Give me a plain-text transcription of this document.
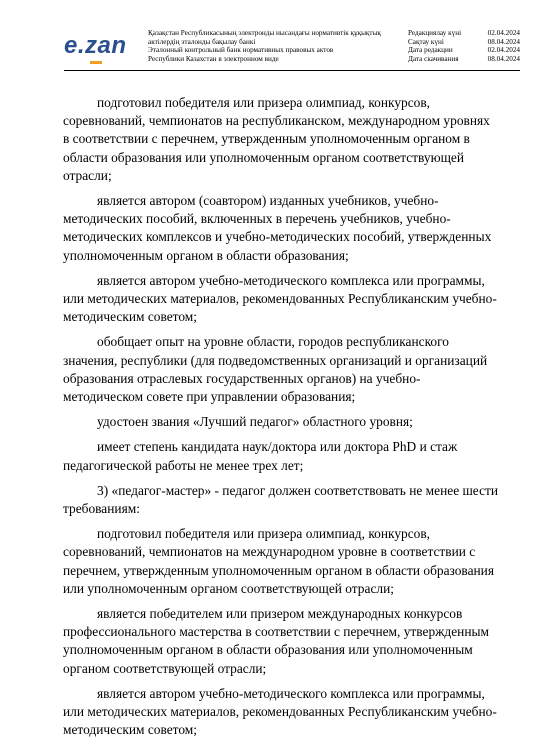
e.zan	Қазақстан Республикасының электронды нысандағы нормативтік құқықтық
актілердің эталонды бақылау банкі
Эталонный контрольный банк нормативных правовых актов
Республики Казахстан в электронном виде
Редакциялау күні	02.04.2024
Сақтау күні	08.04.2024
Дата редакции	02.04.2024
Дата скачивания	08.04.2024

подготовил победителя или призера олимпиад, конкурсов, соревнований, чемпионатов на республиканском, международном уровнях в соответствии с перечнем, утвержденным уполномоченным органом в области образования или уполномоченным органом соответствующей отрасли;

является автором (соавтором) изданных учебников, учебно-методических пособий, включенных в перечень учебников, учебно-методических комплексов и учебно-методических пособий, утвержденных уполномоченным органом в области образования;

является автором учебно-методического комплекса или программы, или методических материалов, рекомендованных Республиканским учебно-методическим советом;

обобщает опыт на уровне области, городов республиканского значения, республики (для подведомственных организаций и организаций образования отраслевых государственных органов) на учебно-методическом совете при управлении образования;

удостоен звания «Лучший педагог» областного уровня;

имеет степень кандидата наук/доктора или доктора PhD и стаж педагогической работы не менее трех лет;

3) «педагог-мастер» - педагог должен соответствовать не менее шести требованиям:

подготовил победителя или призера олимпиад, конкурсов, соревнований, чемпионатов на международном уровне в соответствии с перечнем, утвержденным уполномоченным органом в области образования или уполномоченным органом соответствующей отрасли;

является победителем или призером международных конкурсов профессионального мастерства в соответствии с перечнем, утвержденным уполномоченным органом в области образования или уполномоченным органом соответствующей отрасли;

является автором учебно-методического комплекса или программы, или методических материалов, рекомендованных Республиканским учебно-методическим советом;
